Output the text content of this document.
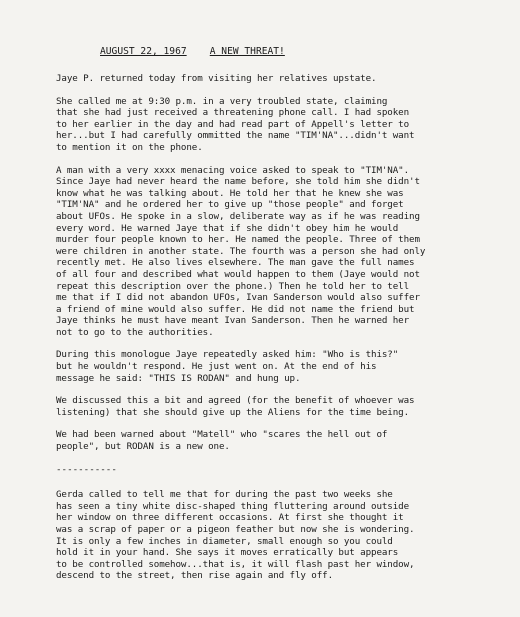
AUGUST 22, 1967 A NEW THREAT!
Jaye P. returned today from visiting her relatives upstate.
She called me at 9:30 p.m. in a very troubled state, claiming
that she had just received a threatening phone call. I had spoken
to her earlier in the day and had read part of Appell's letter to
her...but I had carefully ommitted the name "TIM'NA"...didn't want
to mention it on the phone.
A man with a very xxxx menacing voice asked to speak to "TIM'NA".
Since Jaye had never heard the name before, she told him she didn't
know what he was talking about. He told her that he knew she was
"TIM'NA" and he ordered her to give up "those people" and forget
about UFOs. He spoke in a slow, deliberate way as if he was reading
every word. He warned Jaye that if she didn't obey him he would
murder four people known to her. He named the people. Three of them
were children in another state. The fourth was a person she had only
recently met. He also lives elsewhere. The man gave the full names
of all four and described what would happen to them (Jaye would not
repeat this description over the phone.) Then he told her to tell
me that if I did not abandon UFOs, Ivan Sanderson would also suffer
a friend of mine would also suffer. He did not name the friend but
Jaye thinks he must have meant Ivan Sanderson. Then he warned her
not to go to the authorities.
During this monologue Jaye repeatedly asked him: "Who is this?"
but he wouldn't respond. He just went on. At the end of his
message he said: "THIS IS RODAN" and hung up.
We discussed this a bit and agreed (for the benefit of whoever was
listening) that she should give up the Aliens for the time being.
We had been warned about "Matell" who "scares the hell out of
people", but RODAN is a new one.
-----------
Gerda called to tell me that for during the past two weeks she
has seen a tiny white disc-shaped thing fluttering around outside
her window on three different occasions. At first she thought it
was a scrap of paper or a pigeon feather but now she is wondering.
It is only a few inches in diameter, small enough so you could
hold it in your hand. She says it moves erratically but appears
to be controlled somehow...that is, it will flash past her window,
descend to the street, then rise again and fly off.
